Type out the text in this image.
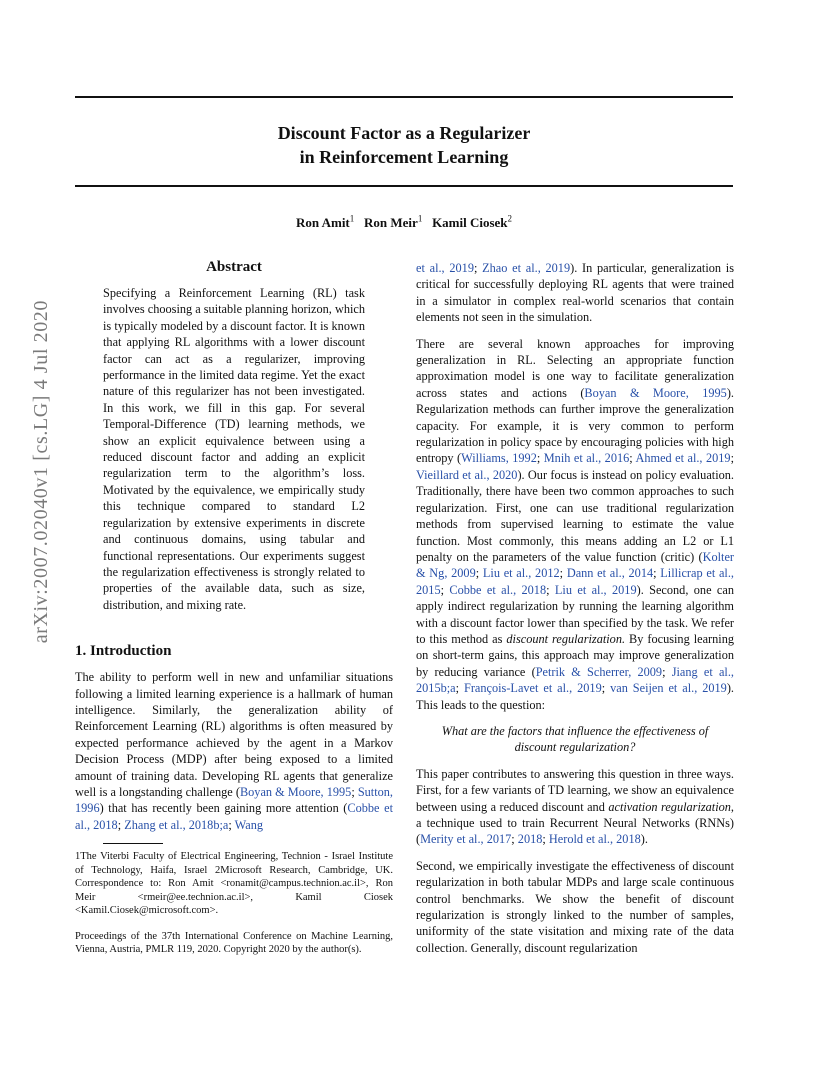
Discount Factor as a Regularizer
in Reinforcement Learning
Ron Amit$^1$ Ron Meir$^1$ Kamil Ciosek$^2$
arXiv:2007.02040v1 [cs.LG] 4 Jul 2020
Abstract

Specifying a Reinforcement Learning (RL) task involves choosing a suitable planning horizon, which is typically modeled by a discount factor. It is known that applying RL algorithms with a lower discount factor can act as a regularizer, improving performance in the limited data regime. Yet the exact nature of this regularizer has not been investigated. In this work, we fill in this gap. For several Temporal-Difference (TD) learning methods, we show an explicit equivalence between using a reduced discount factor and adding an explicit regularization term to the algorithm’s loss. Motivated by the equivalence, we empirically study this technique compared to standard L2 regularization by extensive experiments in discrete and continuous domains, using tabular and functional representations. Our experiments suggest the regularization effectiveness is strongly related to properties of the available data, such as size, distribution, and mixing rate.

1. Introduction

The ability to perform well in new and unfamiliar situations following a limited learning experience is a hallmark of human intelligence. Similarly, the generalization ability of Reinforcement Learning (RL) algorithms is often measured by expected performance achieved by the agent in a Markov Decision Process (MDP) after being exposed to a limited amount of training data. Developing RL agents that generalize well is a longstanding challenge (Boyan & Moore, 1995; Sutton, 1996) that has recently been gaining more attention (Cobbe et al., 2018; Zhang et al., 2018b;a; Wang

1The Viterbi Faculty of Electrical Engineering, Technion - Israel Institute of Technology, Haifa, Israel 2Microsoft Research, Cambridge, UK. Correspondence to: Ron Amit <ronamit@campus.technion.ac.il>, Ron Meir <rmeir@ee.technion.ac.il>, Kamil Ciosek <Kamil.Ciosek@microsoft.com>.

Proceedings of the 37th International Conference on Machine Learning, Vienna, Austria, PMLR 119, 2020. Copyright 2020 by the author(s).

et al., 2019; Zhao et al., 2019). In particular, generalization is critical for successfully deploying RL agents that were trained in a simulator in complex real-world scenarios that contain elements not seen in the simulation.

There are several known approaches for improving generalization in RL. Selecting an appropriate function approximation model is one way to facilitate generalization across states and actions (Boyan & Moore, 1995). Regularization methods can further improve the generalization capacity. For example, it is very common to perform regularization in policy space by encouraging policies with high entropy (Williams, 1992; Mnih et al., 2016; Ahmed et al., 2019; Vieillard et al., 2020). Our focus is instead on policy evaluation. Traditionally, there have been two common approaches to such regularization. First, one can use traditional regularization methods from supervised learning to estimate the value function. Most commonly, this means adding an L2 or L1 penalty on the parameters of the value function (critic) (Kolter & Ng, 2009; Liu et al., 2012; Dann et al., 2014; Lillicrap et al., 2015; Cobbe et al., 2018; Liu et al., 2019). Second, one can apply indirect regularization by running the learning algorithm with a discount factor lower than specified by the task. We refer to this method as discount regularization. By focusing learning on short-term gains, this approach may improve generalization by reducing variance (Petrik & Scherrer, 2009; Jiang et al., 2015b;a; François-Lavet et al., 2019; van Seijen et al., 2019). This leads to the question:

What are the factors that influence the effectiveness of discount regularization?

This paper contributes to answering this question in three ways. First, for a few variants of TD learning, we show an equivalence between using a reduced discount and activation regularization, a technique used to train Recurrent Neural Networks (RNNs) (Merity et al., 2017; 2018; Herold et al., 2018).

Second, we empirically investigate the effectiveness of discount regularization in both tabular MDPs and large scale continuous control benchmarks. We show the benefit of discount regularization is strongly linked to the number of samples, uniformity of the state visitation and mixing rate of the data collection. Generally, discount regularization
